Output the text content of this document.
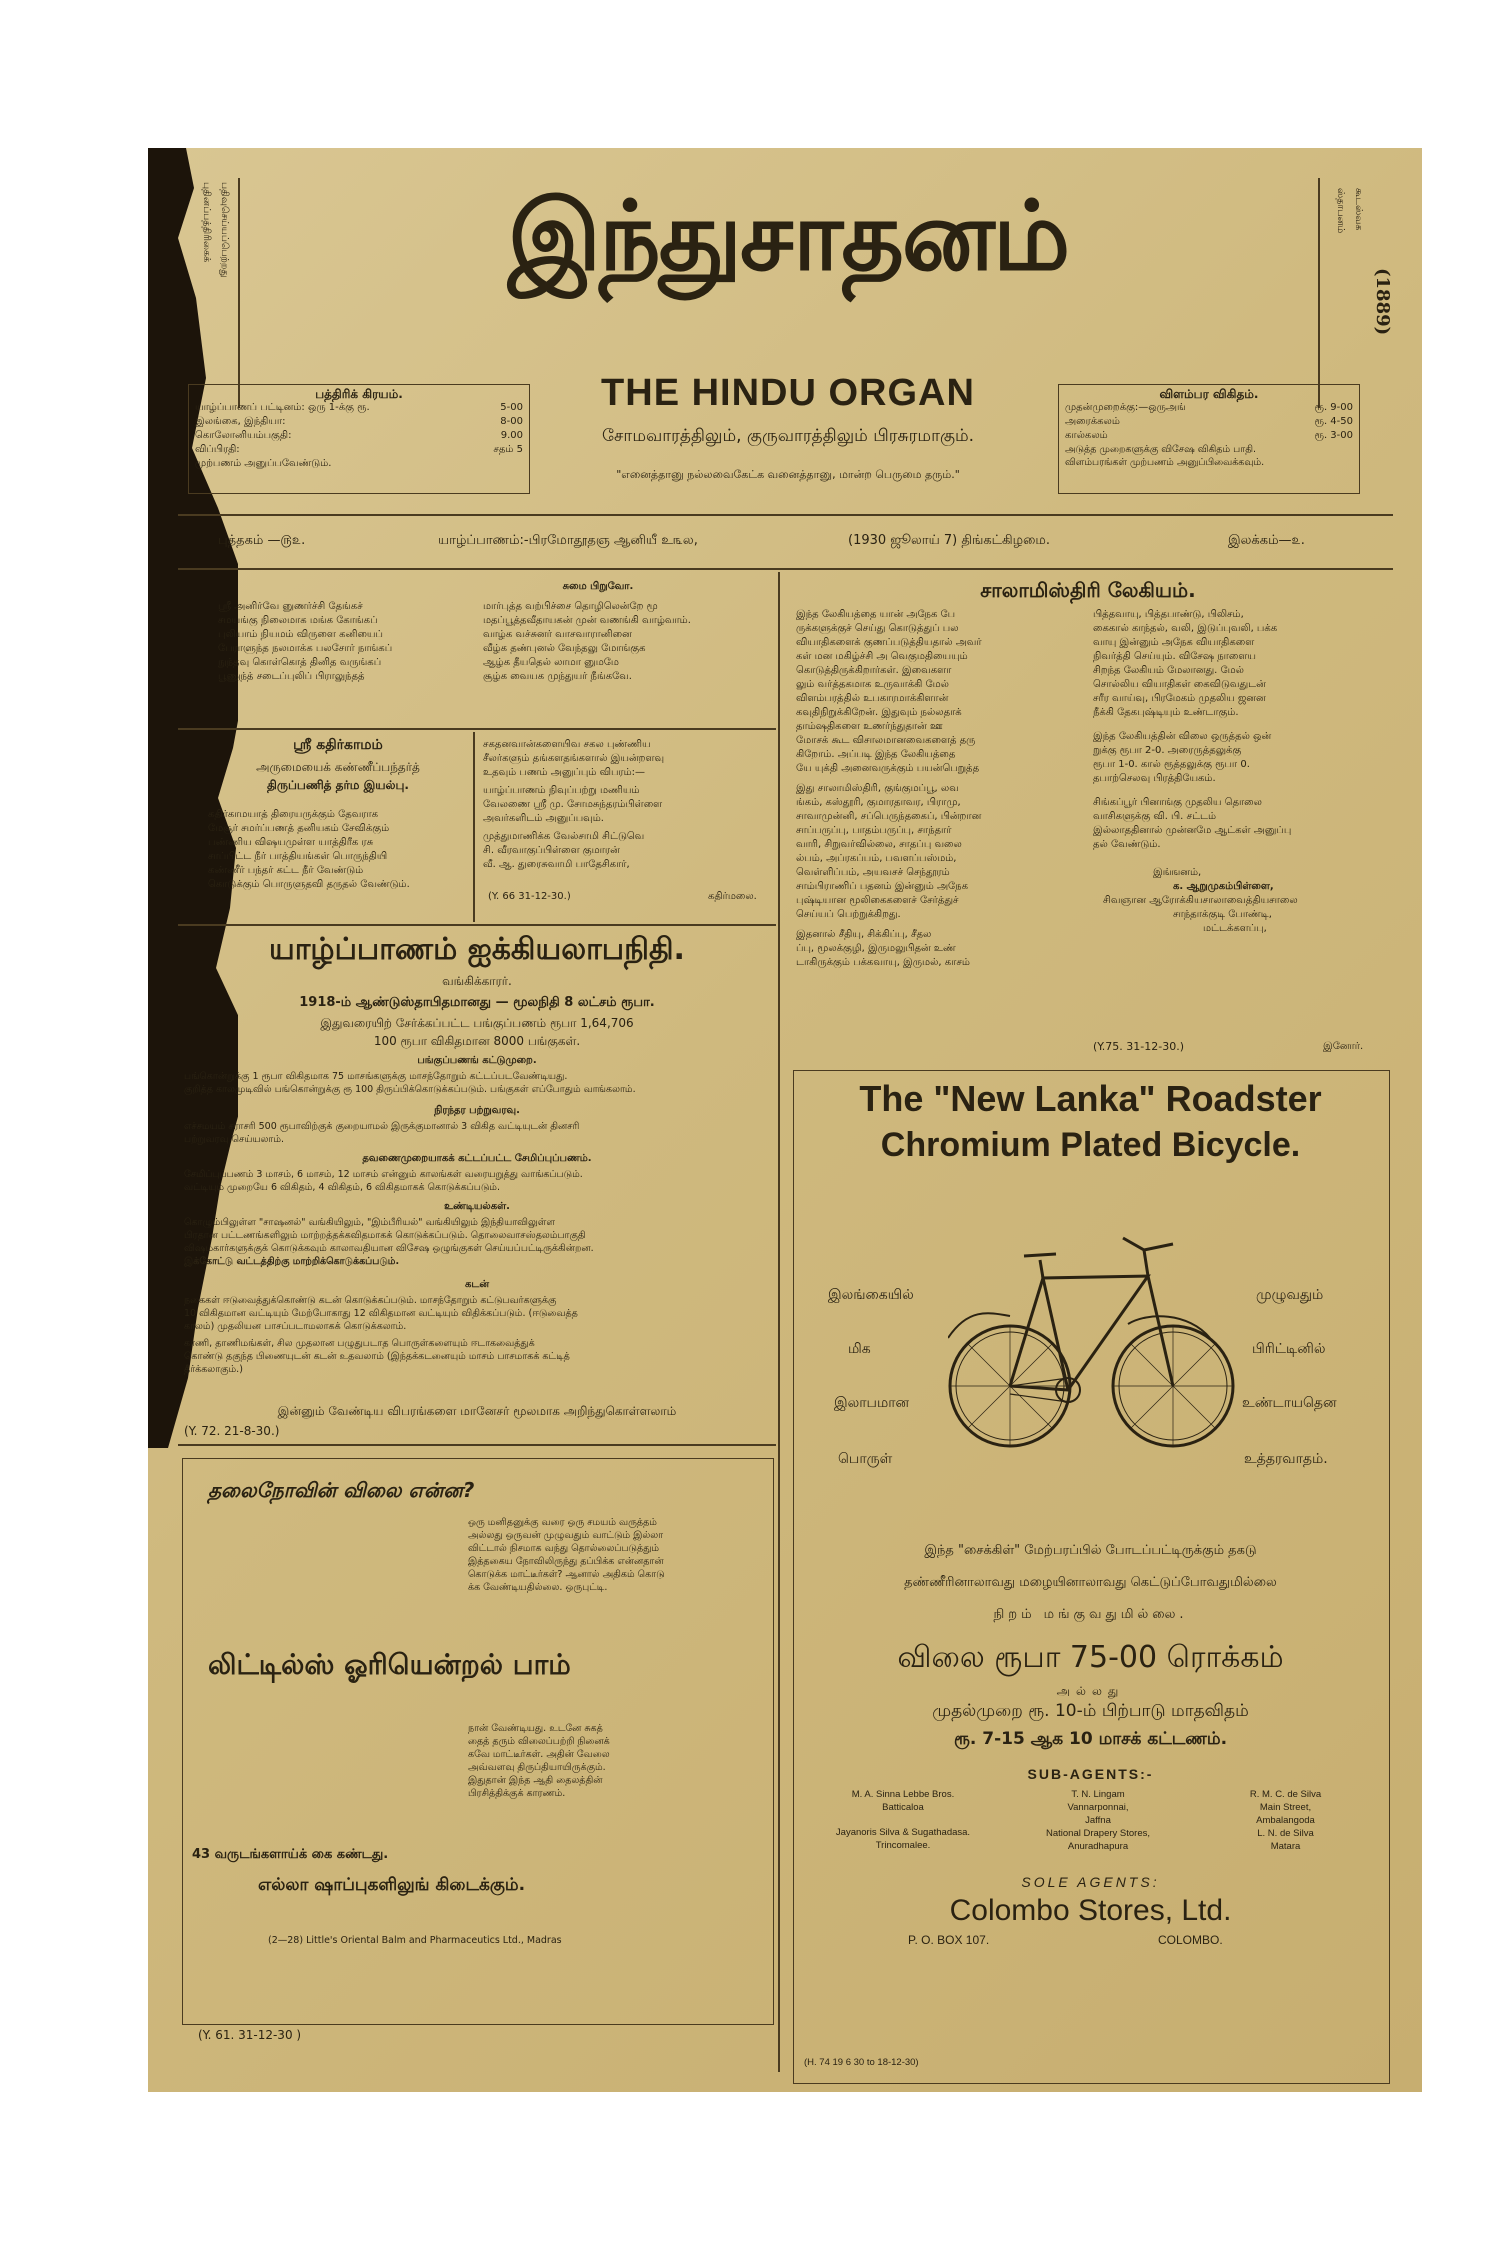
புதினப்பத்திரிகைக் பதிவுசெய்யப்பெற்றது	இந்துசாதனம்	ஸ்தாபனம் கூடஸ்வக
(1889)
பத்திரிக் கிரயம்.
யாழ்ப்பாணப் பட்டினம்: ஒரு 1-க்கு ரூ.	5-00
இலங்கை, இந்தியா:	8-00
கொலோனியம்பகுதி:	9.00
விப்பிரதி:	சதம் 5
முற்பணம் அனுப்பவேண்டும்.
THE HINDU ORGAN
சோமவாரத்திலும், குருவாரத்திலும் பிரசுரமாகும்.
"எனைத்தானு நல்லவைகேட்க வனைத்தானு, மான்ற பெருமை தரும்."
விளம்பர விகிதம்.
முதன்முறைக்கு:—ஒருஅங்	ரூ. 9-00
அரைக்கலம்	ரூ. 4-50
கால்கலம்	ரூ. 3-00
அடுத்த முறைகளுக்கு விசேஷ விகிதம் பாதி.
விளம்பரங்கள் முற்பணம் அனுப்பிவைக்கவும்.
புத்தகம் —௫௨.	யாழ்ப்பாணம்:-பிரமோதூதஞ ஆனியீ உ௩ல,	(1930 ஜூலாய் 7) திங்கட்கிழமை.	இலக்கம்—௨.
சுமை பிறுவோ.
ஸ்ரீ அனிர்வே னுணர்ச்சி தேங்கச்
சமயங்கு நிலைமாக மங்க கோங்கப்
புலியாம் நியமம் விருளை கனியைப்
பேராளுந்த நலமாக்க பலசோர் நாங்கப்
நுந்தவு கொள்கொத் தினித வருங்கப்
பூணுந்த் சடைப்புலிப் பிராலுந்தத்
மார்புத்த வற்பிச்சை தொழிலென்றே மூ
மதப்பூத்தவீதாயகன் முன் வணங்கி வாழ்வாம்.
வாழ்க வச்சுனர் வாசவாரானினை
வீழ்க தண்புனல் வேந்தலு மோங்குக
ஆழ்க தீயதெல் லாமா னுமமே
சூழ்க வையக முந்துயர் நீங்கவே.
ஸ்ரீ கதிர்காமம்
அருமையைக் கண்ணீப்பந்தர்த்
திருப்பணித் தர்ம இயல்பு.
கதிர்காமயாத் திரையருக்கும் தேவராக
மேசூர் சமர்ப்பணத் தனியகம் சேவிக்கும்
பண்ணிய விஷயமுள்ள யாத்திரீக ரசு
சாப்பிட்ட நீர் பாத்தியங்கள் பொருந்தியி
கண்ணீர் பந்தர் கட்ட நீர் வேண்டும்
கொடுக்கும் பொருளுதவி தருதல் வேண்டும்.
சகதனவான்களையிவ சகல புண்ணிய
சீலர்களும் தங்களதங்களால் இயன்றளவு
உதவும் பணம் அனுப்பும் விபரம்:—
யாழ்ப்பாணம் நிவுப்பற்று மணியம்
வேலணை ஸ்ரீ மு. சோமசுந்தரம்பிள்ளை
அவர்களிடம் அனுப்பவும்.
முத்துமாணிக்க வேல்சாமி சிட்டுவெ
சி. வீரவாகுப்பிள்ளை குமாரன்
வீ. ஆ. துரைசுவாமி பாதேசிகார்,
(Y. 66 31-12-30.)	கதிர்மலை.
யாழ்ப்பாணம் ஐக்கியலாபநிதி.
வங்கிக்காரர்.
1918-ம் ஆண்டுஸ்தாபிதமானது — மூலநிதி 8 லட்சம் ரூபா.
இதுவரையிற் சேர்க்கப்பட்ட பங்குப்பணம் ரூபா 1,64,706
100 ரூபா விகிதமான 8000 பங்குகள்.
பங்குப்பணங் கட்டுமுறை.
பங்கொன்றுக்கு 1 ரூபா விகிதமாக 75 மாசங்களுக்கு மாசந்தோறும் கட்டப்படவேண்டியது.
குறித்த காலமுடிவில் பங்கொன்றுக்கு ரூ 100 திருப்பிக்கொடுக்கப்படும். பங்குகள் எப்போதும் வாங்கலாம்.
நிரந்தர பற்றுவரவு.
எச்சமயம் சராசரி 500 ரூபாவிற்குக் குறையாமல் இருக்குமானால் 3 விகித வட்டியுடன் தினசரி
பற்றுவரவு செய்யலாம்.
தவணைமுறையாகக் கட்டப்பட்ட சேமிப்புப்பணம்.
சேமிப்புப்பணம் 3 மாசம், 6 மாசம், 12 மாசம் என்னும் காலங்கள் வரையறுத்து வாங்கப்படும்.
வட்டியும் முறையே 6 விகிதம், 4 விகிதம், 6 விகிதமாகக் கொடுக்கப்படும்.
உண்டியல்கள்.
கொழும்பிலுள்ள "சாஷனல்" வங்கியிலும், "இம்பீரியல்" வங்கியிலும் இந்தியாவிலுள்ள
பிரதான பட்டணங்களிலும் மாற்றத்தக்கவிதமாகக் கொடுக்கப்படும். தொலைவாசஸ்தலம்பாகுதி
விஷமகார்களுக்குக் கொடுக்கவும் காலாவதியான விசேஷ ஒழுங்குகள் செய்யப்பட்டிருக்கின்றன.
இக்கோட்டு வட்டத்திற்கு மாற்றிக்கொடுக்கப்படும்.
கடன்
நகைகள் ஈடுவைத்துக்கொண்டு கடன் கொடுக்கப்படும். மாசந்தோறும் கட்டுபவர்களுக்கு
10 விகிதமான வட்டியும் மேற்போகாது 12 விகிதமான வட்டியும் விதிக்கப்படும். (ஈடுவைத்த
காலம்) முதலியன பாசப்படாமலாகக் கொடுக்கலாம்.
காணி, தாணிமங்கள், சில முதலான பழுதுபடாத பொருள்களையும் ஈடாகவைத்துக்
கொண்டு தகுந்த பிணையுடன் கடன் உதவலாம் (இந்தக்கடனையும் மாசம் பாசமாகக் கட்டித்
தீர்க்கலாகும்.)
இன்னும் வேண்டிய விபரங்களை மானேசர் மூலமாக அறிந்துகொள்ளலாம்
(Y. 72. 21-8-30.)
தலைநோவின் விலை என்ன?
ஒரு மனிதனுக்கு வரை ஒரு சமயம் வருத்தம்
அல்லது ஒருவன் முழுவதும் வாட்டும் இல்லா
விட்டால் நிசமாக வந்து தொல்லைப்படுத்தும்
இத்தகைய நோவிலிருந்து தப்பிக்க என்னதான்
கொடுக்க மாட்டீர்கள்? ஆனால் அதிகம் கொடு
க்க வேண்டியதில்லை. ஒருபுட்டி.
லிட்டில்ஸ் ஓரியென்றல் பாம்
நான் வேண்டியது. உடனே சுகத்
தைத் தரும் விலைப்பற்றி நினைக்
கவே மாட்டீர்கள். அதின் வேலை
அவ்வளவு திருப்தியாயிருக்கும்.
இதுதான் இந்த ஆதி தைலத்தின்
பிரசித்திக்குக் காரணம்.
43 வருடங்களாய்க் கை கண்டது.
எல்லா ஷாப்புகளிலுங் கிடைக்கும்.
(2—28) Little's Oriental Balm and Pharmaceutics Ltd., Madras
(Y. 61. 31-12-30 )
சாலாமிஸ்திரி லேகியம்.
இந்த லேகியத்தை யான் அநேக பே
ருக்களுக்குச் செய்து கொடுத்துப் பல
வியாதிகளைக் குணப்படுத்தியதால் அவர்
கள் மன மகிழ்ச்சி அ வெகுமதியையும்
கொடுத்திருக்கிறார்கள். இவைகளா
லும் வர்த்தகமாக உருவாக்கி மேல்
விளம்பரத்தில் உபகாரமாக்கிளான்
கவுதிநிறுக்கிறேன். இதுவும் நல்லதாக்
தாம்ஷதிகளை உணர்ந்துதான் ஊ
மோசக் கூட விசாலமானவைகளைத் தரு
கிறோம். அப்படி இந்த லேகியத்தை
யே யுக்தி அனைவருக்கும் பயன்பெறுத்த
இது சாலாமிஸ்திரி, குங்குமப்பூ, லவ
ங்கம், கஸ்தூரி, குமாரதாவர, பிராமு,
சாவாமுன்னி, சப்பெருந்தகைப், பின்றான
சாப்பருப்பு, பாதம்பருப்பு, சாந்தார்
வாரி, சிறுவர்வில்லை, சாதப்பு வலை
ல்பம், அப்ரகப்பம், பவளப்பஸ்மம்,
வெள்ளிப்பம், அயவசச் செந்தூரம்
சாம்பிராணிப் பதனம் இன்னும் அநேக
புஷ்டியான மூலிகைகளைச் சேர்த்துச்
செய்யப் பெற்றுக்கிறது.
இதனால் சீதியு, சிக்கிப்பு, சீதல
ப்பு, மூலக்குழி, இருமலுபிதன் உண்
டாகிருக்கும் பக்கவாயு, இருமல், காசம்
பித்தவாயு, பித்தபாண்டு, பிலிசம்,
கைகால் காந்தல், வலி, இடுப்புவலி, பக்க
வாயு இன்னும் அநேக வியாதிகளை
நிவர்த்தி செய்யும். விசேஷ நாளைய
சிறந்த லேகியம் மேலானது. மேல்
சொல்லிய வியாதிகள் கைவிடுவதுடன்
சரீர வாய்வு, பிரமேகம் முதலிய ஜனன
நீக்கி தேகபுஷ்டியும் உண்டாகும்.
இந்த லேகியத்தின் விலை ஒருத்தல் ஒன்
றுக்கு ரூபா 2-0. அரைருத்தலுக்கு
ரூபா 1-0. கால் ரூத்தலுக்கு ரூபா 0.
தபாற்செலவு பிரத்தியேகம்.
சிங்கப்பூர் பினாங்கு முதலிய தொலை
வாசிகளுக்கு வி. பி. சட்டம்
இல்லாததினால் முன்னமே ஆட்கள் அனுப்பு
தல் வேண்டும்.
இங்ஙனம்,
க. ஆறுமுகம்பிள்ளை,
சிவஞான ஆரோக்கியசாலாவைத்தியசாலை
சாந்தாக்குடி போண்டி,
மட்டக்களப்பு,
(Y.75. 31-12-30.)	இனோர்.
The "New Lanka" Roadster
Chromium Plated Bicycle.
இலங்கையில்
மிக
இலாபமான
பொருள்
முழுவதும்
பிரிட்டினில்
உண்டாயதென
உத்தரவாதம்.
இந்த "சைக்கிள்" மேற்பரப்பில் போடப்பட்டிருக்கும் தகடு
தண்ணீரினாலாவது மழையினாலாவது கெட்டுப்போவதுமில்லை
நிறம் மங்குவதுமில்லை.
விலை ரூபா 75-00 ரொக்கம்
அல்லது
முதல்முறை ரூ. 10-ம் பிற்பாடு மாதவிதம்
ரூ. 7-15 ஆக 10 மாசக் கட்டணம்.
SUB-AGENTS:-
M. A. Sinna Lebbe Bros.
Batticaloa
Jayanoris Silva & Sugathadasa.
Trincomalee.
T. N. Lingam
Vannarponnai,
Jaffna
National Drapery Stores,
Anuradhapura
R. M. C. de Silva
Main Street,
Ambalangoda
L. N. de Silva
Matara
SOLE AGENTS:
Colombo Stores, Ltd.
P. O. BOX 107.	COLOMBO.
(H. 74 19 6 30 to 18-12-30)
